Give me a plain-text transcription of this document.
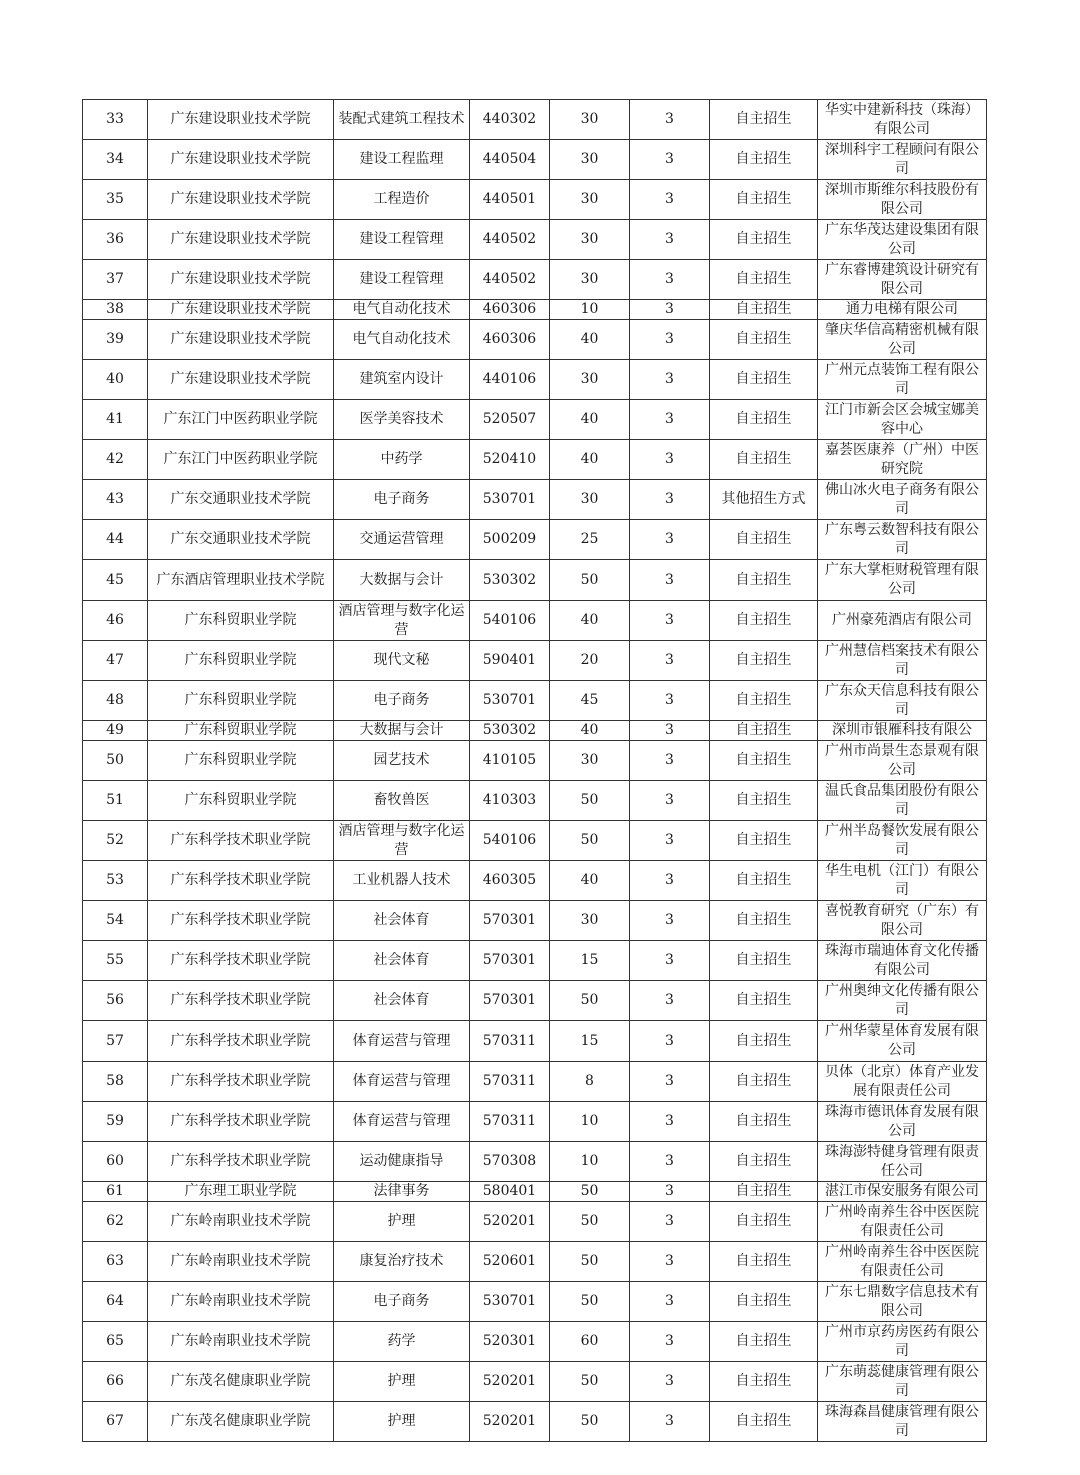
33	广东建设职业技术学院	装配式建筑工程技术	440302	30	3	自主招生	华实中建新科技（珠海）有限公司
34	广东建设职业技术学院	建设工程监理	440504	30	3	自主招生	深圳科宇工程顾问有限公司
35	广东建设职业技术学院	工程造价	440501	30	3	自主招生	深圳市斯维尔科技股份有限公司
36	广东建设职业技术学院	建设工程管理	440502	30	3	自主招生	广东华茂达建设集团有限公司
37	广东建设职业技术学院	建设工程管理	440502	30	3	自主招生	广东睿博建筑设计研究有限公司
38	广东建设职业技术学院	电气自动化技术	460306	10	3	自主招生	通力电梯有限公司
39	广东建设职业技术学院	电气自动化技术	460306	40	3	自主招生	肇庆华信高精密机械有限公司
40	广东建设职业技术学院	建筑室内设计	440106	30	3	自主招生	广州元点装饰工程有限公司
41	广东江门中医药职业学院	医学美容技术	520507	40	3	自主招生	江门市新会区会城宝娜美容中心
42	广东江门中医药职业学院	中药学	520410	40	3	自主招生	嘉荟医康养（广州）中医研究院
43	广东交通职业技术学院	电子商务	530701	30	3	其他招生方式	佛山冰火电子商务有限公司
44	广东交通职业技术学院	交通运营管理	500209	25	3	自主招生	广东粤云数智科技有限公司
45	广东酒店管理职业技术学院	大数据与会计	530302	50	3	自主招生	广东大掌柜财税管理有限公司
46	广东科贸职业学院	酒店管理与数字化运营	540106	40	3	自主招生	广州豪苑酒店有限公司
47	广东科贸职业学院	现代文秘	590401	20	3	自主招生	广州慧信档案技术有限公司
48	广东科贸职业学院	电子商务	530701	45	3	自主招生	广东众天信息科技有限公司
49	广东科贸职业学院	大数据与会计	530302	40	3	自主招生	深圳市银雁科技有限公
50	广东科贸职业学院	园艺技术	410105	30	3	自主招生	广州市尚景生态景观有限公司
51	广东科贸职业学院	畜牧兽医	410303	50	3	自主招生	温氏食品集团股份有限公司
52	广东科学技术职业学院	酒店管理与数字化运营	540106	50	3	自主招生	广州半岛餐饮发展有限公司
53	广东科学技术职业学院	工业机器人技术	460305	40	3	自主招生	华生电机（江门）有限公司
54	广东科学技术职业学院	社会体育	570301	30	3	自主招生	喜悦教育研究（广东）有限公司
55	广东科学技术职业学院	社会体育	570301	15	3	自主招生	珠海市瑞迪体育文化传播有限公司
56	广东科学技术职业学院	社会体育	570301	50	3	自主招生	广州奥绅文化传播有限公司
57	广东科学技术职业学院	体育运营与管理	570311	15	3	自主招生	广州华蒙星体育发展有限公司
58	广东科学技术职业学院	体育运营与管理	570311	8	3	自主招生	贝体（北京）体育产业发展有限责任公司
59	广东科学技术职业学院	体育运营与管理	570311	10	3	自主招生	珠海市德讯体育发展有限公司
60	广东科学技术职业学院	运动健康指导	570308	10	3	自主招生	珠海澎特健身管理有限责任公司
61	广东理工职业学院	法律事务	580401	50	3	自主招生	湛江市保安服务有限公司
62	广东岭南职业技术学院	护理	520201	50	3	自主招生	广州岭南养生谷中医医院有限责任公司
63	广东岭南职业技术学院	康复治疗技术	520601	50	3	自主招生	广州岭南养生谷中医医院有限责任公司
64	广东岭南职业技术学院	电子商务	530701	50	3	自主招生	广东七鼎数字信息技术有限公司
65	广东岭南职业技术学院	药学	520301	60	3	自主招生	广州市京药房医药有限公司
66	广东茂名健康职业学院	护理	520201	50	3	自主招生	广东萌蕊健康管理有限公司
67	广东茂名健康职业学院	护理	520201	50	3	自主招生	珠海森昌健康管理有限公司
